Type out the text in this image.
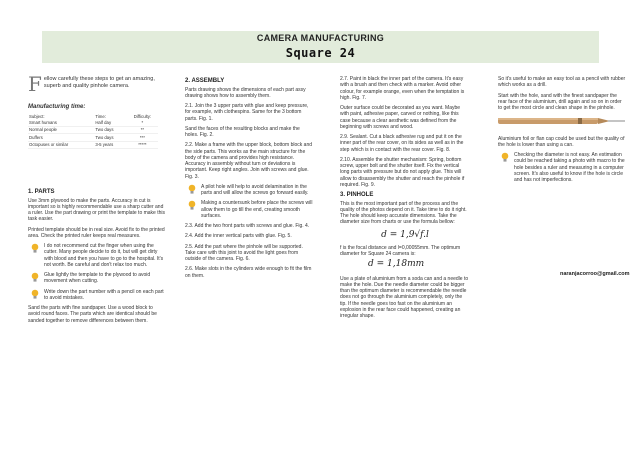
CAMERA MANUFACTURING
Square 24

Fellow carefully these steps to get an amazing, superb and quality pinhole camera.

Manufacturing time:
Subject:	Time:	Difficulty:
Smart humans	Half day	*
Normal people	Two days	**
Duffers	Two days	***
Octopuses or similar	3-5 years	*****
1. PARTS

Use 3mm plywood to make the parts. Accuracy in cut is important so is highly recommendable use a sharp cutter and a ruler. Use the part drawing or print the template to make this task easier.

Printed template should be in real size. Avoid fix to the printed area. Check the printed ruler keeps real measures.

I do not recommend cut the finger when using the cutter. Many people decide to do it, but will get dirty with blood and then you have to go to the hospital. It's not worth. Be careful and don't relax too much.
Glue lightly the template to the plywood to avoid movement when cutting.
Write down the part number with a pencil on each part to avoid mistakes.

Sand the parts with fine sandpaper. Use a wood block to avoid round faces. The parts which are identical should be sanded together to remove differences between them.

2. ASSEMBLY

Parts drawing shows the dimensions of each part assy drawing shows how to assembly them.

2.1. Join the 3 upper parts with glue and keep pressure, for example, with clothespins. Same for the 3 bottom parts. Fig. 1.

Sand the faces of the resulting blocks and make the holes. Fig. 2.

2.2. Make a frame with the upper block, bottom block and the side parts. This works as the main structure for the body of the camera and provides high resistance. Accuracy in assembly without turn or deviations is important. Keep right angles. Join with screws and glue. Fig. 3.

A pilot hole will help to avoid delamination in the parts and will allow the screws go forward easily.
Making a countersunk before place the screws will allow them to go till the end, creating smooth surfaces.

2.3. Add the two front parts with screws and glue. Fig. 4.

2.4. Add the inner vertical parts with glue. Fig. 5.

2.5. Add the part where the pinhole will be supported. Take care with this joint to avoid the light goes from outside of the camera. Fig. 6.

2.6. Make slots in the cylinders wide enough to fit the film on them.

2.7. Paint in black the inner part of the camera. It's easy with a brush and then check with a marker. Avoid other colour, for example orange, even when the temptation is high. Fig. 7.

Outer surface could be decorated as you want. Maybe with paint, adhesive paper, carved or nothing, like this case because a clear aesthetic was defined from the beginning with screws and wood.

2.9. Sealant. Cut a black adhesive rug and put it on the inner part of the rear cover, on its sides as well as in the step which is in contact with the rear cover. Fig. 8.

2.10. Assemble the shutter mechanism: Spring, bottom screw, upper bolt and the shutter itself. Fix the vertical long parts with pressure but do not apply glue. This will allow to disassembly the shutter and reach the pinhole if required. Fig. 9.

3. PINHOLE

This is the most important part of the process and the quality of the photos depend on it. Take time to do it right. The hole should keep accurate dimensions. Take the diameter size from charts or use the formula bellow:

d = 1,9√f.l

f is the focal distance and l=0,00055mm. The optimum diameter for Square 24 camera is:

d = 1,18mm

Use a plate of aluminium from a soda can and a needle to make the hole. Due the needle diameter could be bigger than the optimum diameter is recommendable the needle does not go through the aluminium completely, only the tip. If the needle goes too fast on the aluminium an explosion in the rear face could happened, creating an irregular shape.

So it's useful to make an easy tool as a pencil with rubber which works as a drill.

Start with the hole, sand with the finest sandpaper the rear face of the aluminium, drill again and so on in order to get the most circle and clean shape in the pinhole.

Aluminium foil or flan cap could be used but the quality of the hole is lower than using a can.

Checking the diameter is not easy. An estimation could be reached taking a photo with macro to the hole besides a ruler and measuring in a computer screen. It's also useful to know if the hole is circle and has not imperfections.
naranjacorroo@gmail.com
